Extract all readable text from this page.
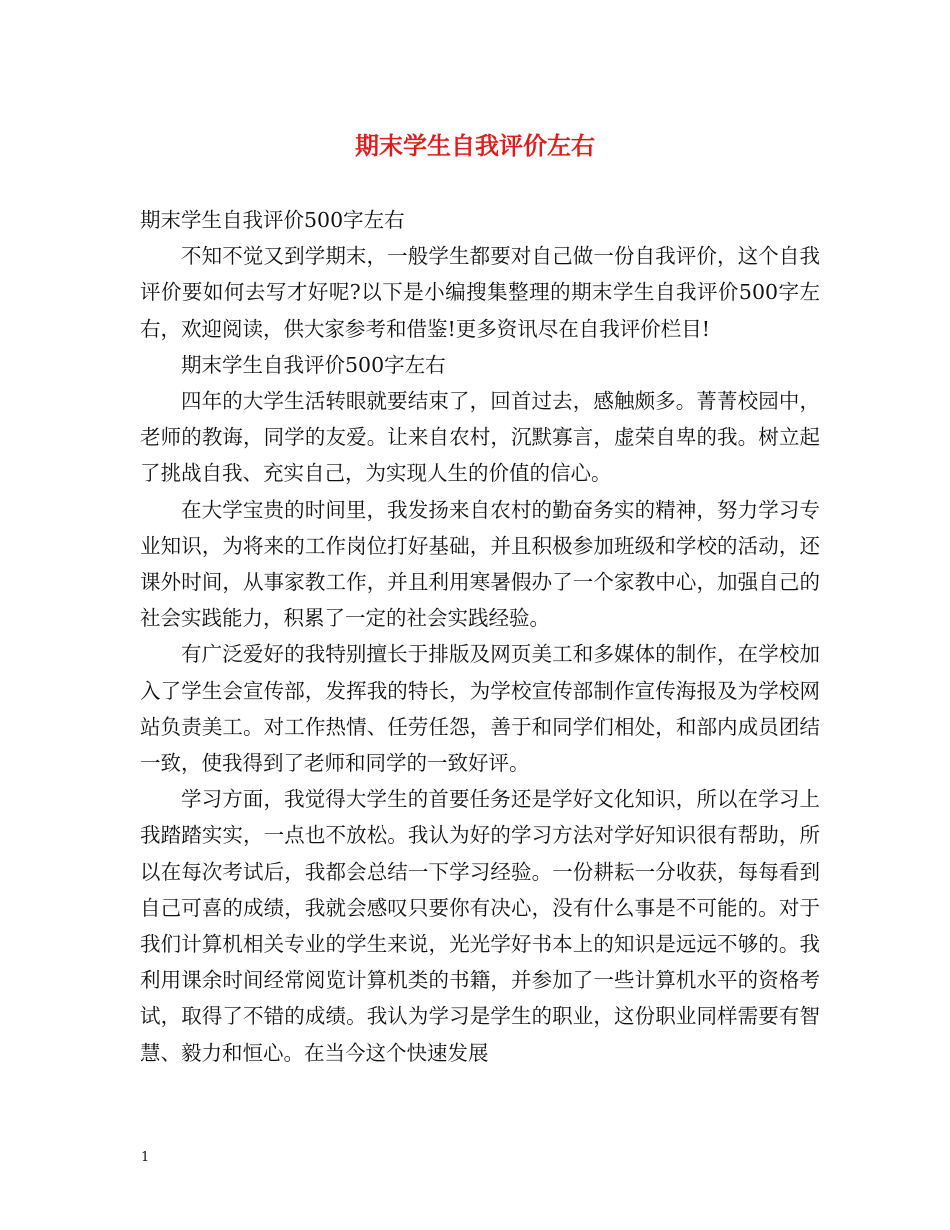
期末学生自我评价左右

期末学生自我评价500字左右

不知不觉又到学期末，一般学生都要对自己做一份自我评价，这个自我评价要如何去写才好呢?以下是小编搜集整理的期末学生自我评价500字左右，欢迎阅读，供大家参考和借鉴!更多资讯尽在自我评价栏目!

期末学生自我评价500字左右

四年的大学生活转眼就要结束了，回首过去，感触颇多。菁菁校园中，老师的教诲，同学的友爱。让来自农村，沉默寡言，虚荣自卑的我。树立起了挑战自我、充实自己，为实现人生的价值的信心。

在大学宝贵的时间里，我发扬来自农村的勤奋务实的精神，努力学习专业知识，为将来的工作岗位打好基础，并且积极参加班级和学校的活动，还课外时间，从事家教工作，并且利用寒暑假办了一个家教中心，加强自己的社会实践能力，积累了一定的社会实践经验。

有广泛爱好的我特别擅长于排版及网页美工和多媒体的制作，在学校加入了学生会宣传部，发挥我的特长，为学校宣传部制作宣传海报及为学校网站负责美工。对工作热情、任劳任怨，善于和同学们相处，和部内成员团结一致，使我得到了老师和同学的一致好评。

学习方面，我觉得大学生的首要任务还是学好文化知识，所以在学习上我踏踏实实，一点也不放松。我认为好的学习方法对学好知识很有帮助，所以在每次考试后，我都会总结一下学习经验。一份耕耘一分收获，每每看到自己可喜的成绩，我就会感叹只要你有决心，没有什么事是不可能的。对于我们计算机相关专业的学生来说，光光学好书本上的知识是远远不够的。我利用课余时间经常阅览计算机类的书籍，并参加了一些计算机水平的资格考试，取得了不错的成绩。我认为学习是学生的职业，这份职业同样需要有智慧、毅力和恒心。在当今这个快速发展

1
